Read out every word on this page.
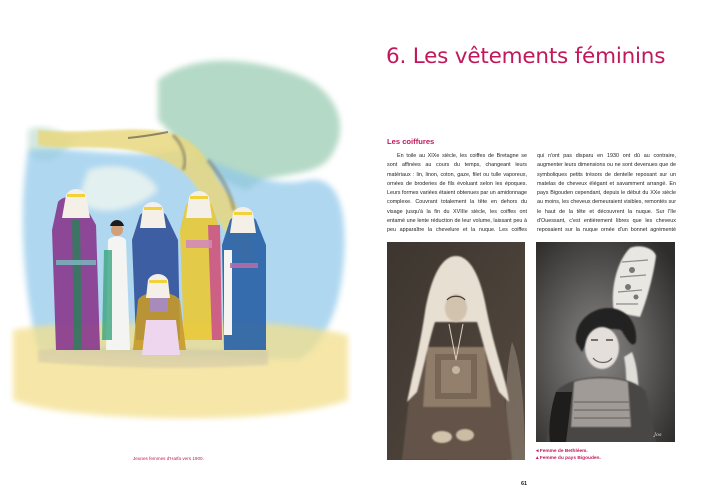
Jeunes femmes d'Haïfa vers 1900.
6. Les vêtements féminins
Les coiffures

En toile au XIXe siècle, les coiffes de Bretagne se sont affinées au cours du temps, changeant leurs matériaux : lin, linon, coton, gaze, filet ou tulle vaporeux, ornées de broderies de fils évoluant selon les époques. Leurs formes variées étaient obtenues par un amidonnage complexe. Couvrant totalement la tête en dehors du visage jusqu'à la fin du XVIIIe siècle, les coiffes ont entamé une lente réduction de leur volume, laissant peu à peu apparaître la chevelure et la nuque. Les coiffes

qui n'ont pas disparu en 1930 ont dû au contraire, augmenter leurs dimensions ou ne sont devenues que de symboliques petits trésors de dentelle reposant sur un matelas de cheveux élégant et savamment arrangé. En pays Bigouden cependant, depuis le début du XXe siècle au moins, les cheveux demeuraient visibles, remontés sur le haut de la tête et découvrent la nuque. Sur l'île d'Ouessant, c'est entièrement libres que les cheveux reposaient sur la nuque ornée d'un bonnet agrémenté

Jos
◂ Femme de Bethléem.
▴ Femme du pays Bigouden.
61
